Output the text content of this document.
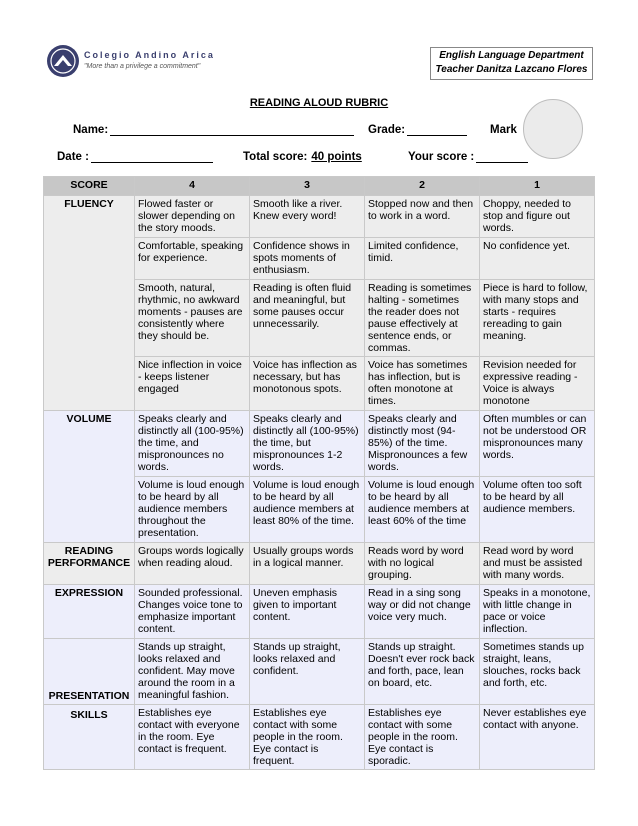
Colegio Andino Arica
"More than a privilege a commitment"
English Language Department
Teacher Danitza Lazcano Flores
READING ALOUD RUBRIC
Name:	Grade:	Mark
Date :	Total score: 40 points	Your score :
SCORE	4	3	2	1
FLUENCY	Flowed faster or slower depending on the story moods.	Smooth like a river. Knew every word!	Stopped now and then to work in a word.	Choppy, needed to stop and figure out words.
	Comfortable, speaking for experience.	Confidence shows in spots moments of enthusiasm.	Limited confidence, timid.	No confidence yet.
	Smooth, natural, rhythmic, no awkward moments - pauses are consistently where they should be.	Reading is often fluid and meaningful, but some pauses occur unnecessarily.	Reading is sometimes halting - sometimes the reader does not pause effectively at sentence ends, or commas.	Piece is hard to follow, with many stops and starts - requires rereading to gain meaning.
	Nice inflection in voice - keeps listener engaged	Voice has inflection as necessary, but has monotonous spots.	Voice has sometimes has inflection, but is often monotone at times.	Revision needed for expressive reading - Voice is always monotone
VOLUME	Speaks clearly and distinctly all (100-95%) the time, and mispronounces no words.	Speaks clearly and distinctly all (100-95%) the time, but mispronounces 1-2 words.	Speaks clearly and distinctly most (94-85%) of the time. Mispronounces a few words.	Often mumbles or can not be understood OR mispronounces many words.
	Volume is loud enough to be heard by all audience members throughout the presentation.	Volume is loud enough to be heard by all audience members at least 80% of the time.	Volume is loud enough to be heard by all audience members at least 60% of the time	Volume often too soft to be heard by all audience members.
READING PERFORMANCE	Groups words logically when reading aloud.	Usually groups words in a logical manner.	Reads word by word with no logical grouping.	Read word by word and must be assisted with many words.
EXPRESSION	Sounded professional. Changes voice tone to emphasize important content.	Uneven emphasis given to important content.	Read in a sing song way or did not change voice very much.	Speaks in a monotone, with little change in pace or voice inflection.
PRESENTATION	Stands up straight, looks relaxed and confident. May move around the room in a meaningful fashion.	Stands up straight, looks relaxed and confident.	Stands up straight. Doesn't ever rock back and forth, pace, lean on board, etc.	Sometimes stands up straight, leans, slouches, rocks back and forth, etc.
SKILLS	Establishes eye contact with everyone in the room. Eye contact is frequent.	Establishes eye contact with some people in the room. Eye contact is frequent.	Establishes eye contact with some people in the room. Eye contact is sporadic.	Never establishes eye contact with anyone.
